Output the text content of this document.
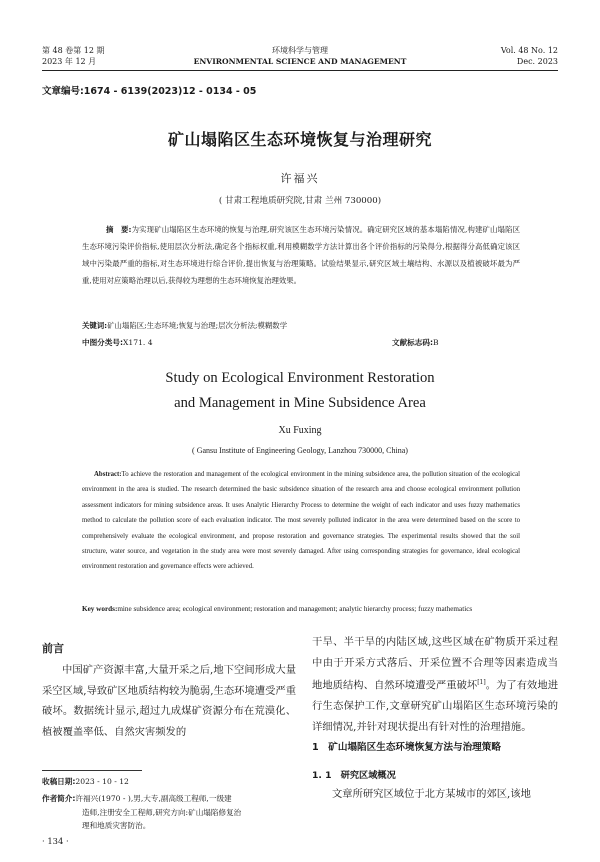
第 48 卷第 12 期
2023 年 12 月
环境科学与管理
ENVIRONMENTAL SCIENCE AND MANAGEMENT
Vol. 48 No. 12
Dec. 2023
文章编号:1674 - 6139(2023)12 - 0134 - 05
矿山塌陷区生态环境恢复与治理研究
许福兴
( 甘肃工程地质研究院,甘肃 兰州 730000)

摘　要:为实现矿山塌陷区生态环境的恢复与治理,研究该区生态环境污染情况。确定研究区域的基本塌陷情况,构建矿山塌陷区生态环境污染评价指标,使用层次分析法,确定各个指标权重,利用模糊数学方法计算出各个评价指标的污染得分,根据得分高低确定该区域中污染最严重的指标,对生态环境进行综合评价,提出恢复与治理策略。试验结果显示,研究区域土壤结构、水源以及植被破坏最为严重,使用对应策略治理以后,获得较为理想的生态环境恢复治理效果。

关键词:矿山塌陷区;生态环境;恢复与治理;层次分析法;模糊数学
中图分类号:X171. 4	文献标志码:B
Study on Ecological Environment Restoration
and Management in Mine Subsidence Area
Xu Fuxing
( Gansu Institute of Engineering Geology, Lanzhou 730000, China)

Abstract:To achieve the restoration and management of the ecological environment in the mining subsidence area, the pollution situation of the ecological environment in the area is studied. The research determined the basic subsidence situation of the research area and choose ecological environment pollution assessment indicators for mining subsidence areas. It uses Analytic Hierarchy Process to determine the weight of each indicator and uses fuzzy mathematics method to calculate the pollution score of each evaluation indicator. The most severely polluted indicator in the area were determined based on the score to comprehensively evaluate the ecological environment, and propose restoration and governance strategies. The experimental results showed that the soil structure, water source, and vegetation in the study area were most severely damaged. After using corresponding strategies for governance, ideal ecological environment restoration and governance effects were achieved.

Key words:mine subsidence area; ecological environment; restoration and management; analytic hierarchy process; fuzzy mathematics
前言

中国矿产资源丰富,大量开采之后,地下空间形成大量采空区域,导致矿区地质结构较为脆弱,生态环境遭受严重破坏。数据统计显示,超过九成煤矿资源分布在荒漠化、植被覆盖率低、自然灾害频发的

收稿日期:2023 - 10 - 12
作者简介:许福兴(1970 - ),男,大专,副高级工程师,一级建
造师,注册安全工程师,研究方向:矿山塌陷修复治
理和地质灾害防治。
· 134 ·

干旱、半干旱的内陆区域,这些区域在矿物质开采过程中由于开采方式落后、开采位置不合理等因素造成当地地质结构、自然环境遭受严重破坏[1]。为了有效地进行生态保护工作,文章研究矿山塌陷区生态环境污染的详细情况,并针对现状提出有针对性的治理措施。

1　矿山塌陷区生态环境恢复方法与治理策略
1. 1　研究区域概况

文章所研究区域位于北方某城市的郊区,该地
